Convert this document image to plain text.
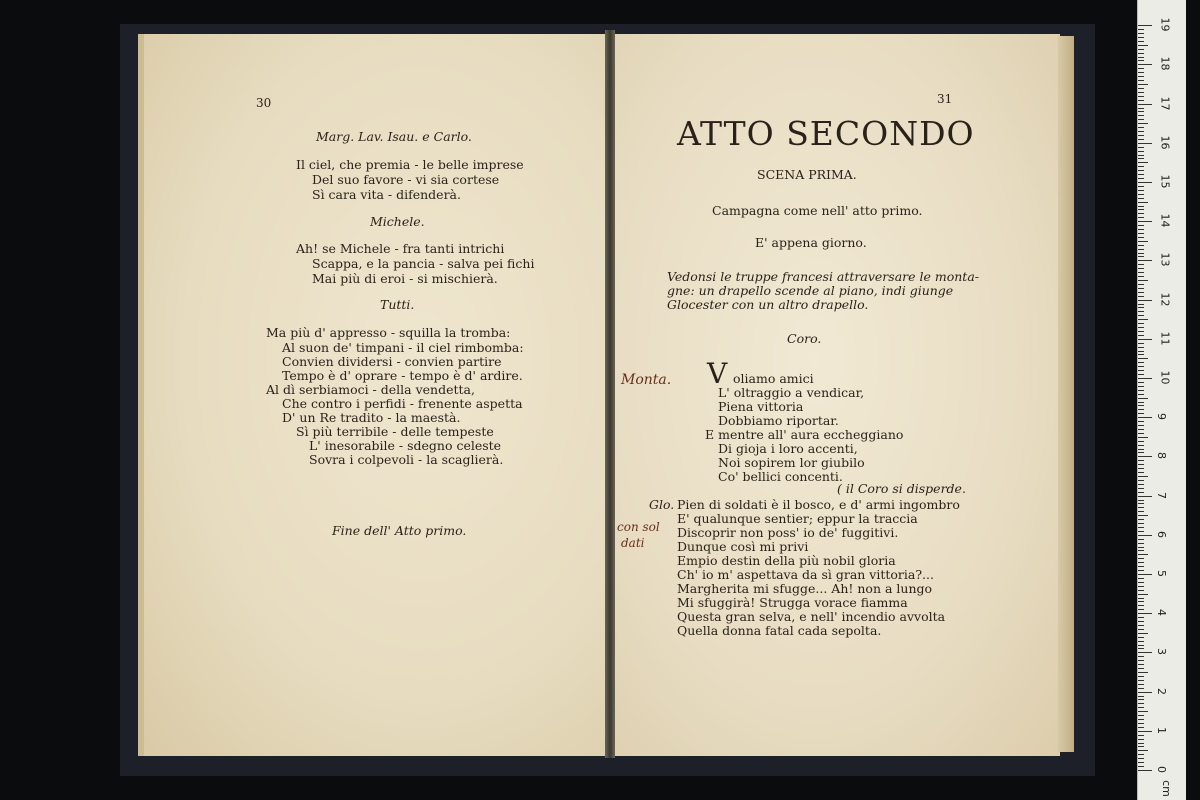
30
Marg. Lav. Isau. e Carlo.
Il ciel, che premia - le belle imprese
Del suo favore - vi sia cortese
Sì cara vita - difenderà.
Michele.
Ah! se Michele - fra tanti intrichi
Scappa, e la pancia - salva pei fichi
Mai più di eroi - si mischierà.
Tutti.
Ma più d' appresso - squilla la tromba:
Al suon de' timpani - il ciel rimbomba:
Convien dividersi - convien partire
Tempo è d' oprare - tempo è d' ardire.
Al dì serbiamoci - della vendetta,
Che contro i perfidi - frenente aspetta
D' un Re tradito - la maestà.
Sì più terribile - delle tempeste
L' inesorabile - sdegno celeste
Sovra i colpevoli - la scaglierà.
Fine dell' Atto primo.
31
ATTO SECONDO
SCENA PRIMA.
Campagna come nell' atto primo.
E' appena giorno.
Vedonsi le truppe francesi attraversare le monta-
gne: un drapello scende al piano, indi giunge
Glocester con un altro drapello.
Coro.
V oliamo amici
L' oltraggio a vendicar,
Piena vittoria
Dobbiamo riportar.
E mentre all' aura eccheggiano
Di gioja i loro accenti,
Noi sopirem lor giubilo
Co' bellici concenti.
( il Coro si disperde.
Glo. Pien di soldati è il bosco, e d' armi ingombro
E' qualunque sentier; eppur la traccia
Discoprir non poss' io de' fuggitivi.
Dunque così mi privi
Empio destin della più nobil gloria
Ch' io m' aspettava da sì gran vittoria?...
Margherita mi sfugge... Ah! non a lungo
Mi sfuggirà! Strugga vorace fiamma
Questa gran selva, e nell' incendio avvolta
Quella donna fatal cada sepolta.
Monta.
con sol
dati
0
1
2
3
4
5
6
7
8
9
10
11
12
13
14
15
16
17
18
19
cm
